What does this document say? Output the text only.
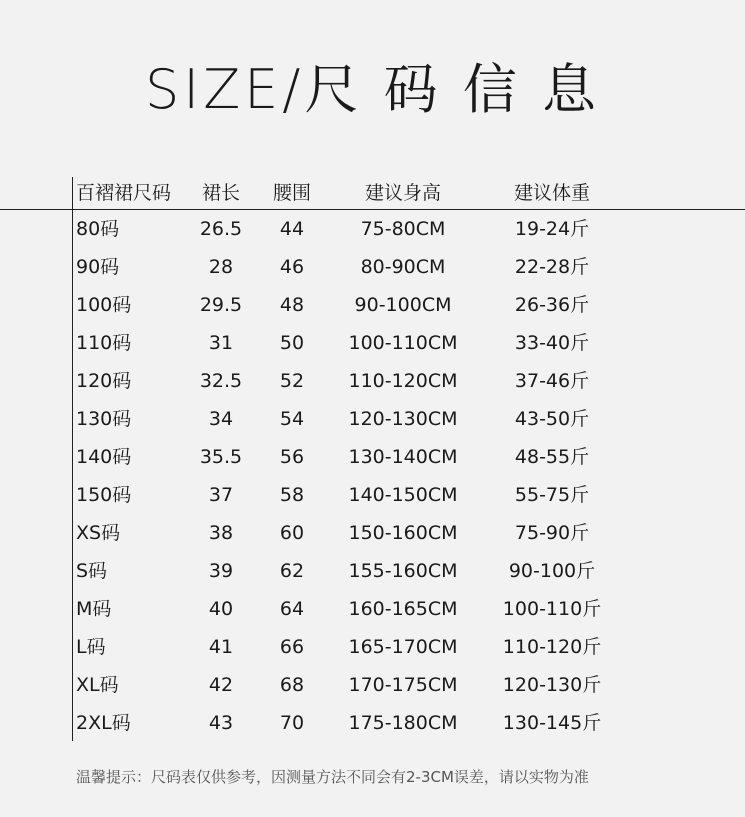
SIZE/尺 码 信 息
百褶裙尺码 裙长 腰围	建议身高	建议体重
80码	26.5 44	75-80CM	19-24斤
90码	28 46	80-90CM	22-28斤
100码	29.5 48	90-100CM	26-36斤
110码	31 50 100-110CM	33-40斤
120码	32.5 52 110-120CM	37-46斤
130码	34 54 120-130CM	43-50斤
140码	35.5 56 130-140CM	48-55斤
150码	37 58 140-150CM	55-75斤
XS码	38 60 150-160CM	75-90斤
S码	39 62 155-160CM	90-100斤
M码	40 64 160-165CM 100-110斤
L码	41 66 165-170CM 110-120斤
XL码	42 68 170-175CM 120-130斤
2XL码	43 70 175-180CM 130-145斤
温馨提示：尺码表仅供参考，因测量方法不同会有2-3CM误差，请以实物为准
